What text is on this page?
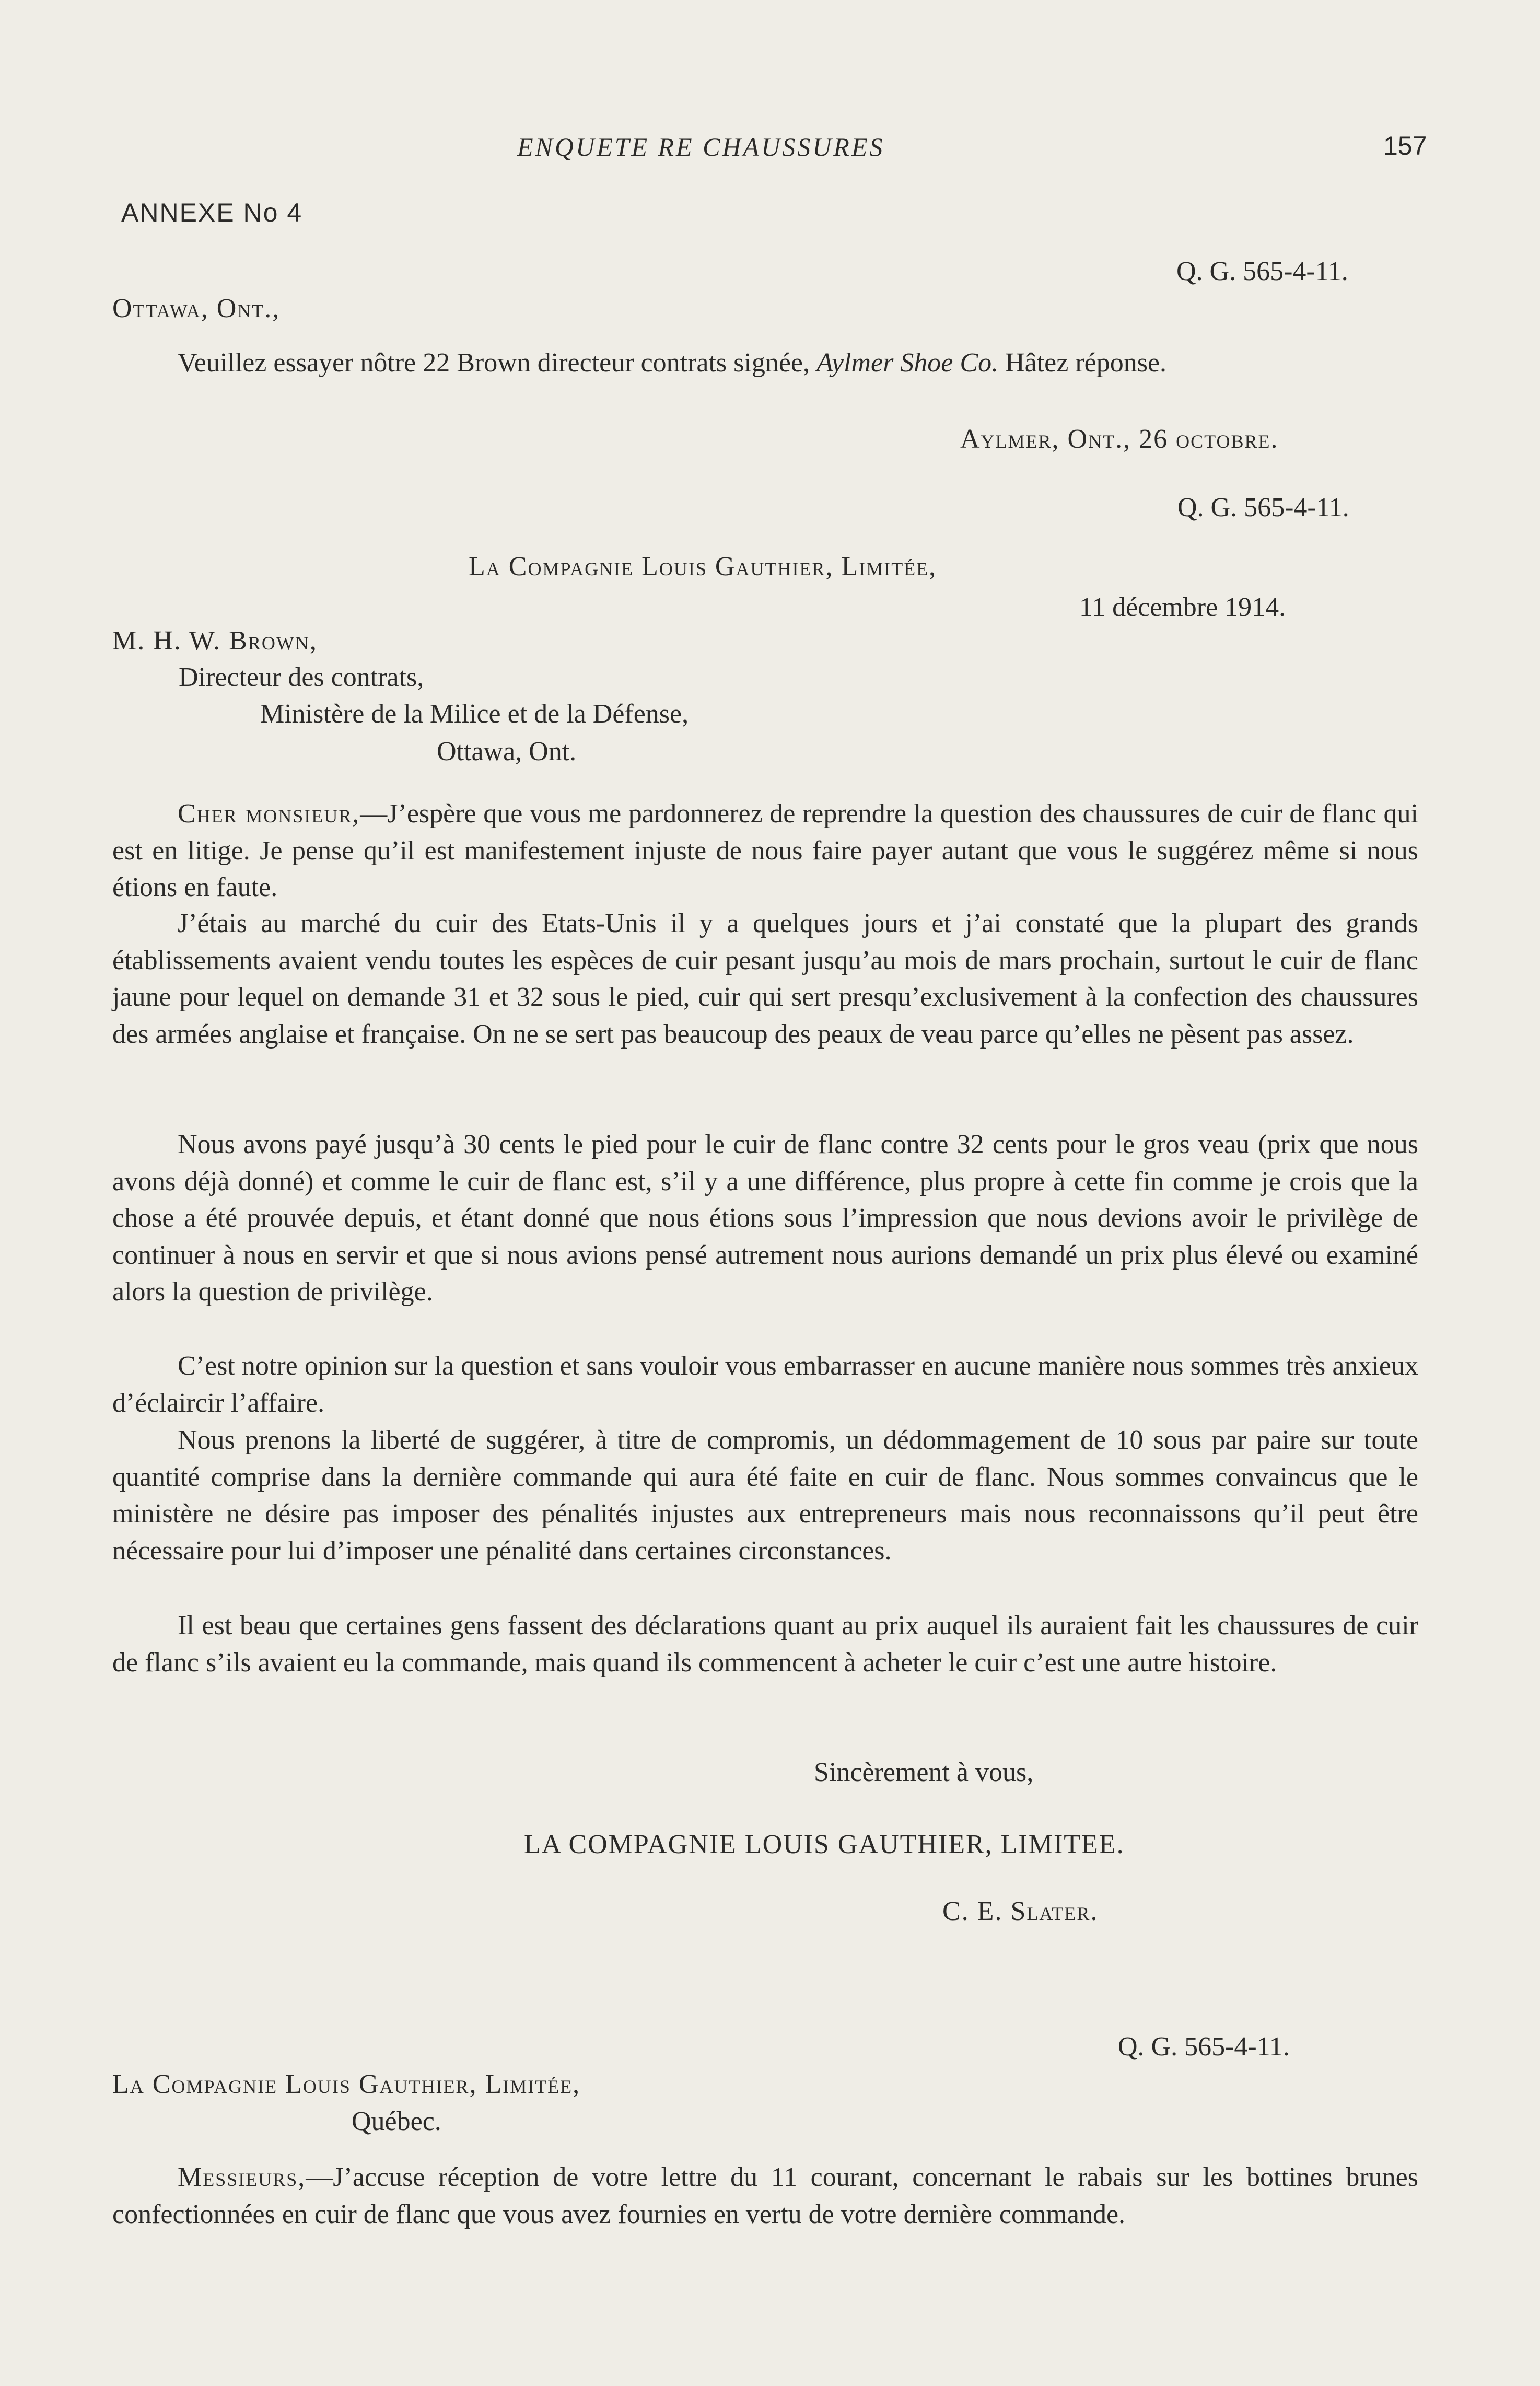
ENQUETE RE CHAUSSURES	157
ANNEXE No 4
Q. G. 565-4-11.
Ottawa, Ont.,

Veuillez essayer nôtre 22 Brown directeur contrats signée, Aylmer Shoe Co. Hâtez réponse.

Aylmer, Ont., 26 octobre.
Q. G. 565-4-11.
La Compagnie Louis Gauthier, Limitée,
11 décembre 1914.
M. H. W. Brown,
Directeur des contrats,
Ministère de la Milice et de la Défense,
Ottawa, Ont.

Cher monsieur,—J’espère que vous me pardonnerez de reprendre la question des chaussures de cuir de flanc qui est en litige. Je pense qu’il est manifestement injuste de nous faire payer autant que vous le suggérez même si nous étions en faute.

J’étais au marché du cuir des Etats-Unis il y a quelques jours et j’ai constaté que la plupart des grands établissements avaient vendu toutes les espèces de cuir pesant jusqu’au mois de mars prochain, surtout le cuir de flanc jaune pour lequel on demande 31 et 32 sous le pied, cuir qui sert presqu’exclusivement à la confection des chaussures des armées anglaise et française. On ne se sert pas beaucoup des peaux de veau parce qu’elles ne pèsent pas assez.

Nous avons payé jusqu’à 30 cents le pied pour le cuir de flanc contre 32 cents pour le gros veau (prix que nous avons déjà donné) et comme le cuir de flanc est, s’il y a une différence, plus propre à cette fin comme je crois que la chose a été prouvée depuis, et étant donné que nous étions sous l’impression que nous devions avoir le privilège de continuer à nous en servir et que si nous avions pensé autrement nous aurions demandé un prix plus élevé ou examiné alors la question de privilège.

C’est notre opinion sur la question et sans vouloir vous embarrasser en aucune manière nous sommes très anxieux d’éclaircir l’affaire.

Nous prenons la liberté de suggérer, à titre de compromis, un dédommagement de 10 sous par paire sur toute quantité comprise dans la dernière commande qui aura été faite en cuir de flanc. Nous sommes convaincus que le ministère ne désire pas imposer des pénalités injustes aux entrepreneurs mais nous reconnaissons qu’il peut être nécessaire pour lui d’imposer une pénalité dans certaines circonstances.

Il est beau que certaines gens fassent des déclarations quant au prix auquel ils auraient fait les chaussures de cuir de flanc s’ils avaient eu la commande, mais quand ils commencent à acheter le cuir c’est une autre histoire.

Sincèrement à vous,
LA COMPAGNIE LOUIS GAUTHIER, LIMITEE.
C. E. Slater.
Q. G. 565-4-11.
La Compagnie Louis Gauthier, Limitée,
Québec.

Messieurs,—J’accuse réception de votre lettre du 11 courant, concernant le rabais sur les bottines brunes confectionnées en cuir de flanc que vous avez fournies en vertu de votre dernière commande.
